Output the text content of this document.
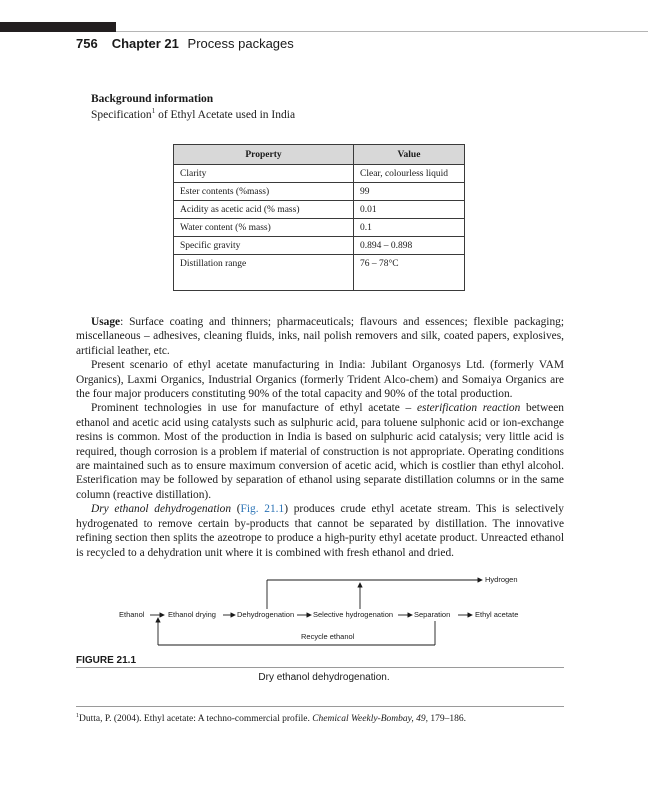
756 Chapter 21 Process packages
Background information
Specification$^1$ of Ethyl Acetate used in India
Property	Value
Clarity	Clear, colourless liquid
Ester contents (%mass)	99
Acidity as acetic acid (% mass)	0.01
Water content (% mass)	0.1
Specific gravity	0.894 – 0.898
Distillation range	76 – 78°C

Usage: Surface coating and thinners; pharmaceuticals; flavours and essences; flexible packaging; miscellaneous – adhesives, cleaning fluids, inks, nail polish removers and silk, coated papers, explosives, artificial leather, etc.

Present scenario of ethyl acetate manufacturing in India: Jubilant Organosys Ltd. (formerly VAM Organics), Laxmi Organics, Industrial Organics (formerly Trident Alco-chem) and Somaiya Organics are the four major producers constituting 90% of the total capacity and 90% of the total production.

Prominent technologies in use for manufacture of ethyl acetate – esterification reaction between ethanol and acetic acid using catalysts such as sulphuric acid, para toluene sulphonic acid or ion-exchange resins is common. Most of the production in India is based on sulphuric acid catalysis; very little acid is required, though corrosion is a problem if material of construction is not appropriate. Operating conditions are maintained such as to ensure maximum conversion of acetic acid, which is costlier than ethyl alcohol. Esterification may be followed by separation of ethanol using separate distillation columns or in the same column (reactive distillation).

Dry ethanol dehydrogenation (Fig. 21.1) produces crude ethyl acetate stream. This is selectively hydrogenated to remove certain by-products that cannot be separated by distillation. The innovative refining section then splits the azeotrope to produce a high-purity ethyl acetate product. Unreacted ethanol is recycled to a dehydration unit where it is combined with fresh ethanol and dried.

Ethanol	Ethanol drying	Dehydrogenation	Selective hydrogenation	Separation	Ethyl acetate
Hydrogen
Recycle ethanol
FIGURE 21.1
Dry ethanol dehydrogenation.
$^1$Dutta, P. (2004). Ethyl acetate: A techno-commercial profile. Chemical Weekly-Bombay, 49, 179–186.
